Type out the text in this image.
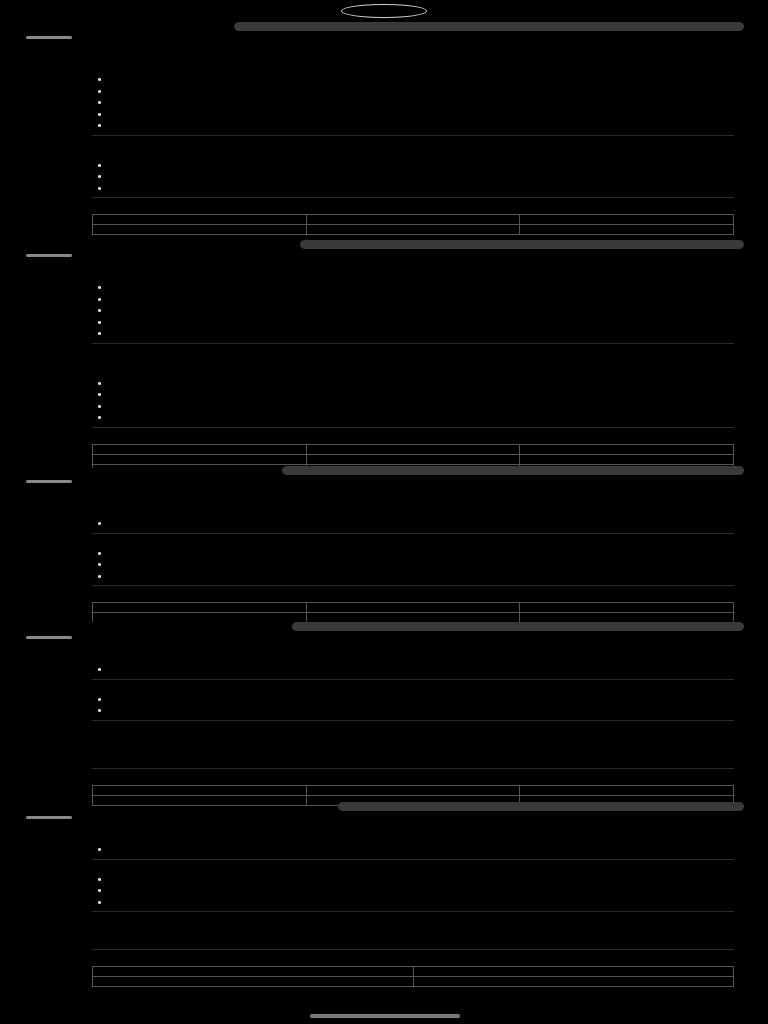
•
•
•
•
•
•
•
•

•
•
•
•
•
•
•
•
•

•
•
•
•

•
•
•

•
•
•
•
